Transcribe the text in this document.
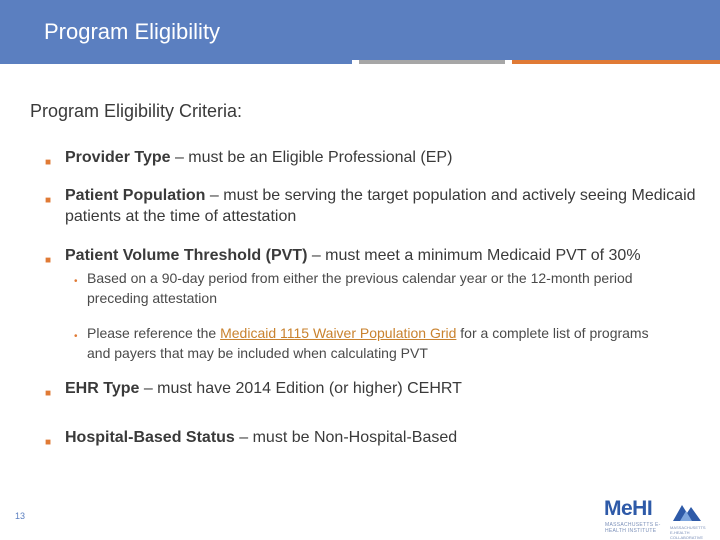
Program Eligibility
Program Eligibility Criteria:
■ Provider Type – must be an Eligible Professional (EP)
■ Patient Population – must be serving the target population and actively seeing Medicaid patients at the time of attestation
■ Patient Volume Threshold (PVT) – must meet a minimum Medicaid PVT of 30%
• Based on a 90-day period from either the previous calendar year or the 12-month period preceding attestation
• Please reference the Medicaid 1115 Waiver Population Grid for a complete list of programs and payers that may be included when calculating PVT
■ EHR Type – must have 2014 Edition (or higher) CEHRT
■ Hospital-Based Status – must be Non-Hospital-Based
13	MeHI
MASSACHUSETTS E-HEALTH INSTITUTE
MASSACHUSETTS E-HEALTH COLLABORATIVE
